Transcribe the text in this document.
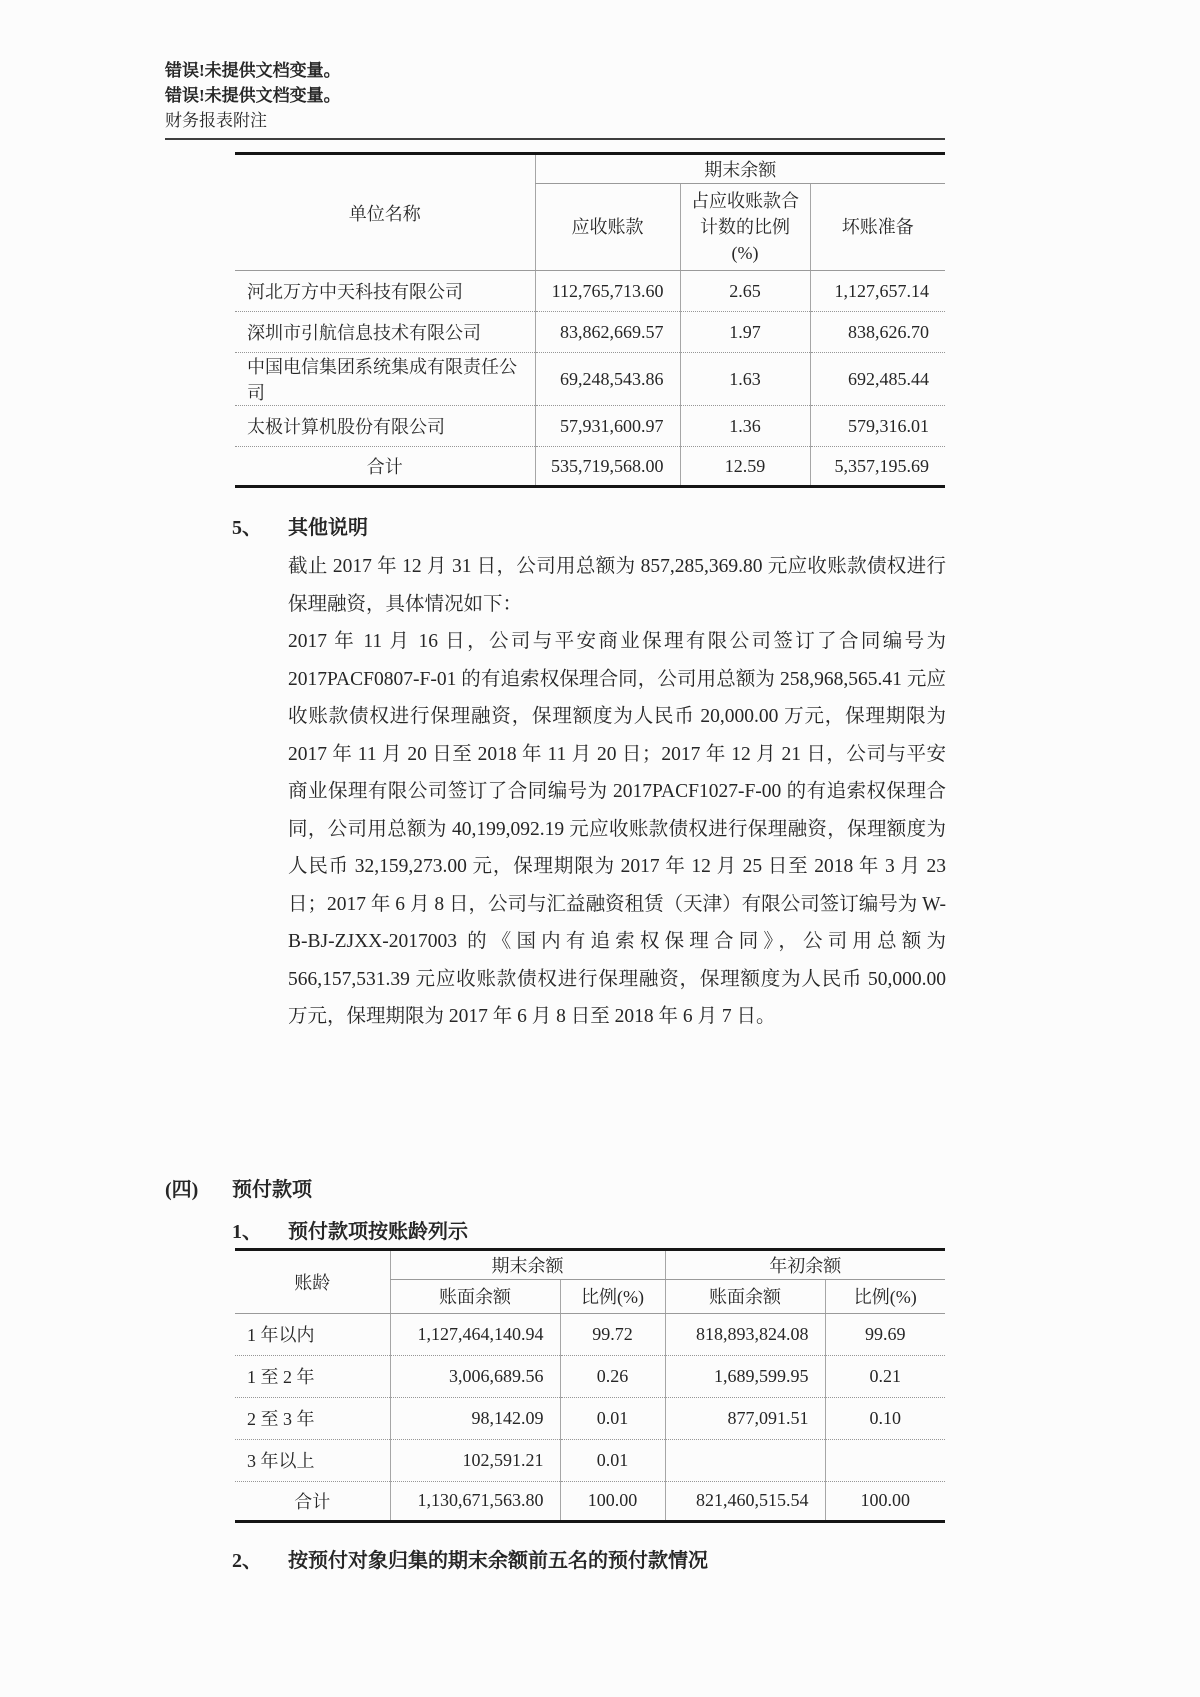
错误!未提供文档变量。
错误!未提供文档变量。
财务报表附注
单位名称	期末余额		
	应收账款	占应收账款合计数的比例(%)	坏账准备
河北万方中天科技有限公司	112,765,713.60	2.65	1,127,657.14
深圳市引航信息技术有限公司	83,862,669.57	1.97	838,626.70
中国电信集团系统集成有限责任公司	69,248,543.86	1.63	692,485.44
太极计算机股份有限公司	57,931,600.97	1.36	579,316.01
合计	535,719,568.00	12.59	5,357,195.69
5、	其他说明

截止 2017 年 12 月 31 日，公司用总额为 857,285,369.80 元应收账款债权进行保理融资，具体情况如下：

2017 年 11 月 16 日，公司与平安商业保理有限公司签订了合同编号为 2017PACF0807-F-01 的有追索权保理合同，公司用总额为 258,968,565.41 元应收账款债权进行保理融资，保理额度为人民币 20,000.00 万元，保理期限为 2017 年 11 月 20 日至 2018 年 11 月 20 日；2017 年 12 月 21 日，公司与平安商业保理有限公司签订了合同编号为 2017PACF1027-F-00 的有追索权保理合同，公司用总额为 40,199,092.19 元应收账款债权进行保理融资，保理额度为人民币 32,159,273.00 元，保理期限为 2017 年 12 月 25 日至 2018 年 3 月 23 日；2017 年 6 月 8 日，公司与汇益融资租赁（天津）有限公司签订编号为 W-B-BJ-ZJXX-2017003 的《国内有追索权保理合同》，公司用总额为 566,157,531.39 元应收账款债权进行保理融资，保理额度为人民币 50,000.00 万元，保理期限为 2017 年 6 月 8 日至 2018 年 6 月 7 日。

(四)	预付款项
1、	预付款项按账龄列示
账龄	期末余额		年初余额	
	账面余额	比例(%)	账面余额	比例(%)
1 年以内	1,127,464,140.94	99.72	818,893,824.08	99.69
1 至 2 年	3,006,689.56	0.26	1,689,599.95	0.21
2 至 3 年	98,142.09	0.01	877,091.51	0.10
3 年以上	102,591.21	0.01		
合计	1,130,671,563.80	100.00	821,460,515.54	100.00
2、	按预付对象归集的期末余额前五名的预付款情况
